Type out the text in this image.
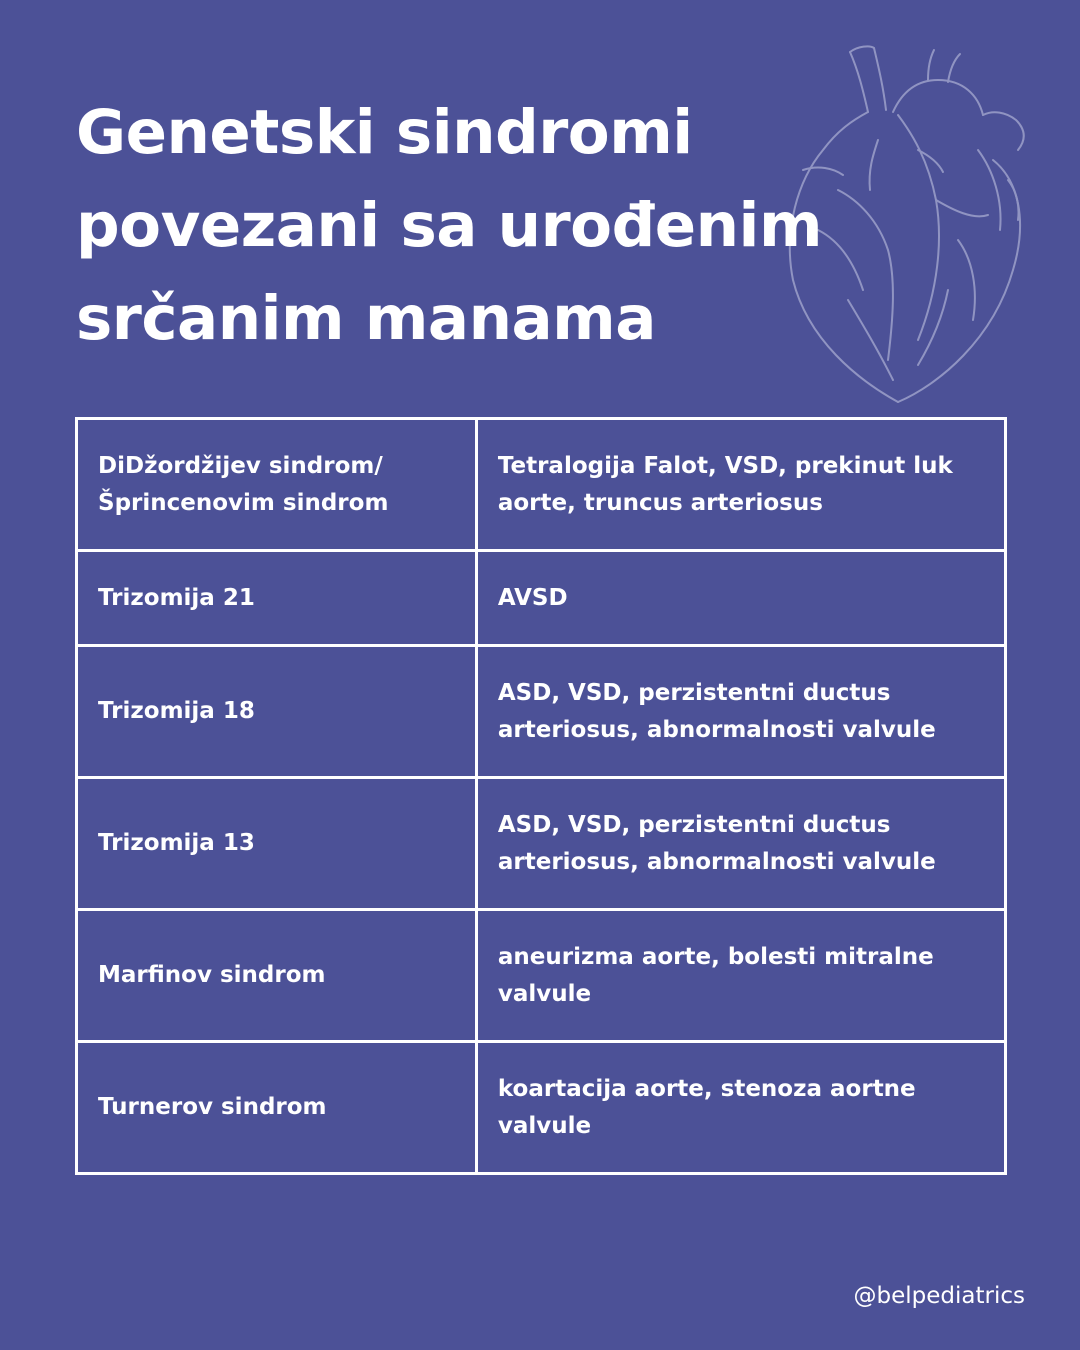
Genetski sindromi
povezani sa urođenim
srčanim manama
DiDžordžijev sindrom/ Šprincenovim sindrom	Tetralogija Falot, VSD, prekinut luk aorte, truncus arteriosus
Trizomija 21	AVSD
Trizomija 18	ASD, VSD, perzistentni ductus arteriosus, abnormalnosti valvule
Trizomija 13	ASD, VSD, perzistentni ductus arteriosus, abnormalnosti valvule
Marfinov sindrom	aneurizma aorte, bolesti mitralne valvule
Turnerov sindrom	koartacija aorte, stenoza aortne valvule
@belpediatrics
